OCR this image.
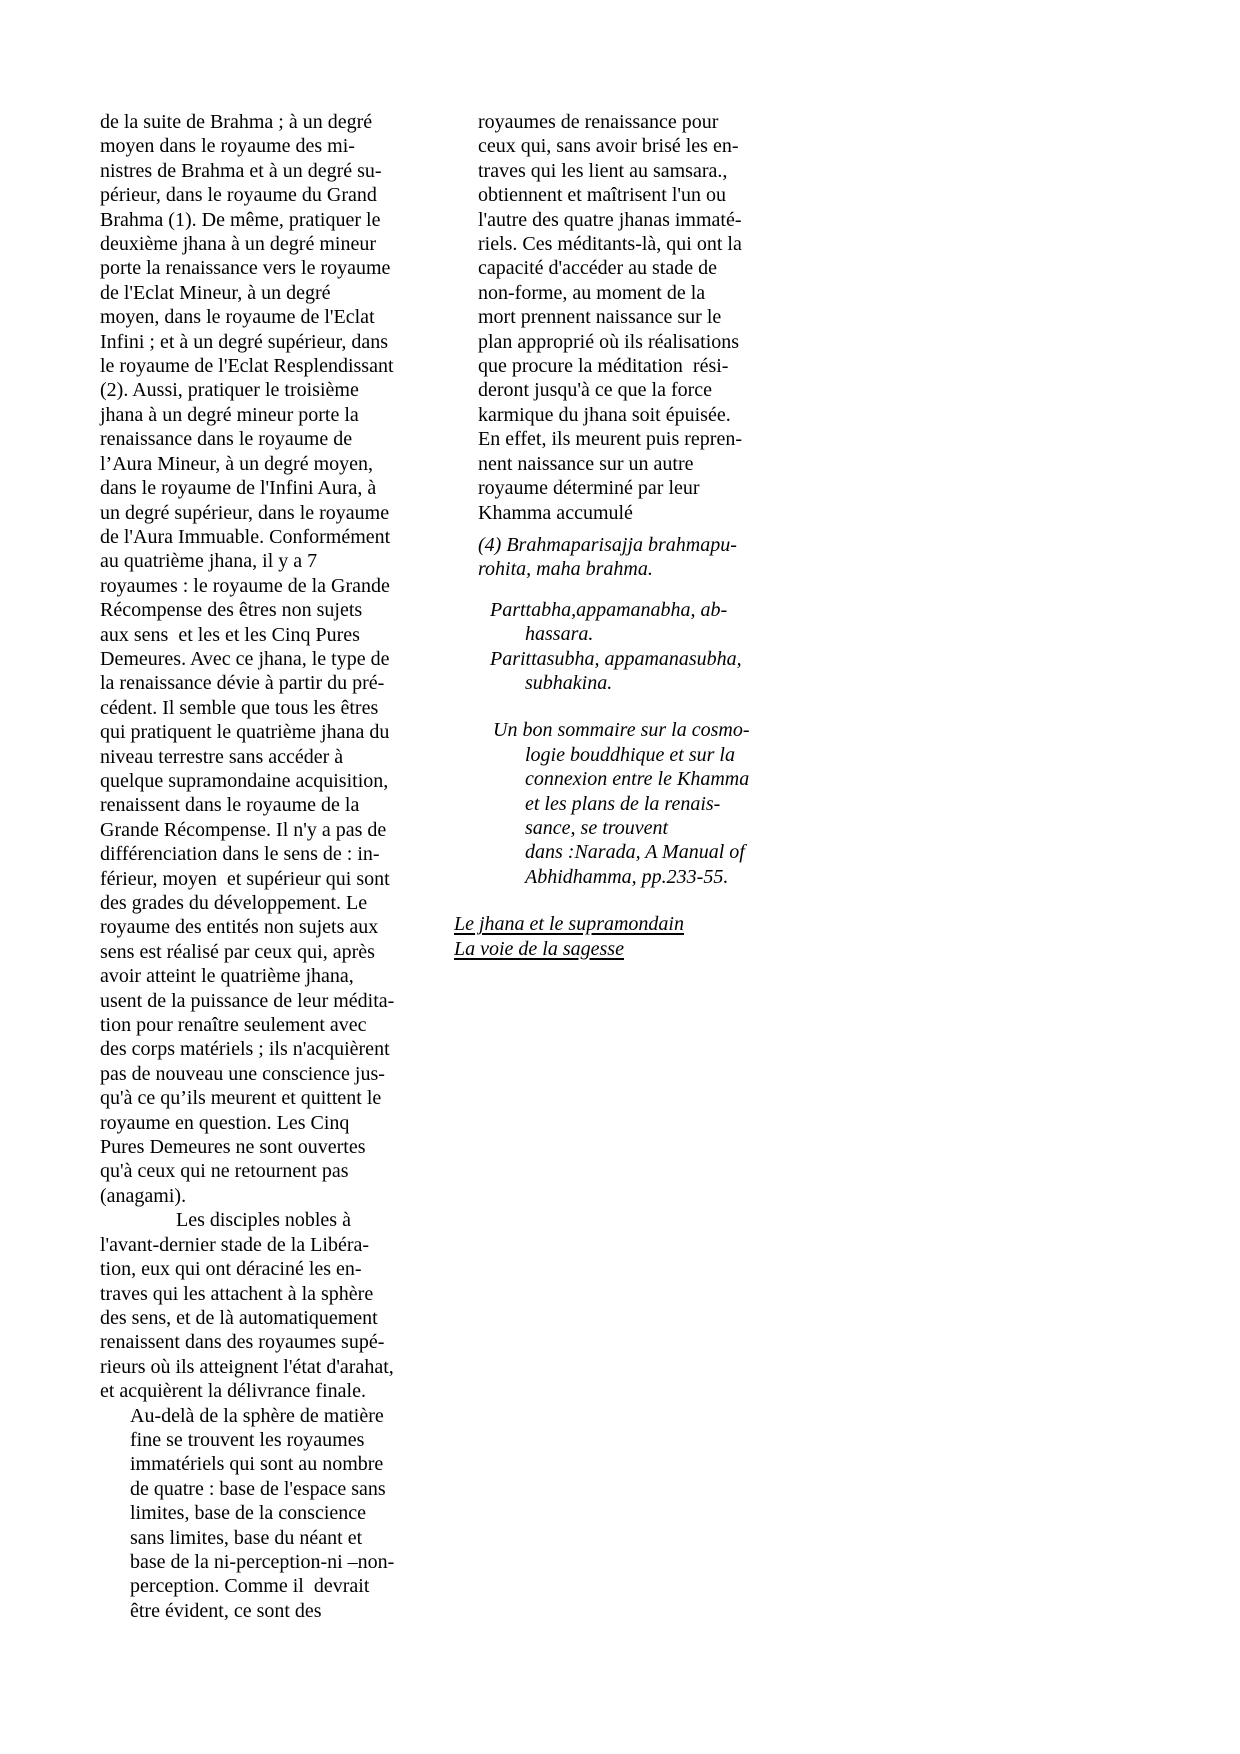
de la suite de Brahma ; à un degré
moyen dans le royaume des mi-
nistres de Brahma et à un degré su-
périeur, dans le royaume du Grand
Brahma (1). De même, pratiquer le
deuxième jhana à un degré mineur
porte la renaissance vers le royaume
de l'Eclat Mineur, à un degré
moyen, dans le royaume de l'Eclat
Infini ; et à un degré supérieur, dans
le royaume de l'Eclat Resplendissant
(2). Aussi, pratiquer le troisième
jhana à un degré mineur porte la
renaissance dans le royaume de
l’Aura Mineur, à un degré moyen,
dans le royaume de l'Infini Aura, à
un degré supérieur, dans le royaume
de l'Aura Immuable. Conformément
au quatrième jhana, il y a 7
royaumes : le royaume de la Grande
Récompense des êtres non sujets
aux sens  et les et les Cinq Pures
Demeures. Avec ce jhana, le type de
la renaissance dévie à partir du pré-
cédent. Il semble que tous les êtres
qui pratiquent le quatrième jhana du
niveau terrestre sans accéder à
quelque supramondaine acquisition,
renaissent dans le royaume de la
Grande Récompense. Il n'y a pas de
différenciation dans le sens de : in-
férieur, moyen  et supérieur qui sont
des grades du développement. Le
royaume des entités non sujets aux
sens est réalisé par ceux qui, après
avoir atteint le quatrième jhana,
usent de la puissance de leur médita-
tion pour renaître seulement avec
des corps matériels ; ils n'acquièrent
pas de nouveau une conscience jus-
qu'à ce qu’ils meurent et quittent le
royaume en question. Les Cinq
Pures Demeures ne sont ouvertes
qu'à ceux qui ne retournent pas
(anagami).
Les disciples nobles à
l'avant-dernier stade de la Libéra-
tion, eux qui ont déraciné les en-
traves qui les attachent à la sphère
des sens, et de là automatiquement
renaissent dans des royaumes supé-
rieurs où ils atteignent l'état d'arahat,
et acquièrent la délivrance finale.
Au-delà de la sphère de matière
fine se trouvent les royaumes
immatériels qui sont au nombre
de quatre : base de l'espace sans
limites, base de la conscience
sans limites, base du néant et
base de la ni-perception-ni –non-
perception. Comme il  devrait
être évident, ce sont des
royaumes de renaissance pour
ceux qui, sans avoir brisé les en-
traves qui les lient au samsara.,
obtiennent et maîtrisent l'un ou
l'autre des quatre jhanas immaté-
riels. Ces méditants-là, qui ont la
capacité d'accéder au stade de
non-forme, au moment de la
mort prennent naissance sur le
plan approprié où ils réalisations
que procure la méditation  rési-
deront jusqu'à ce que la force
karmique du jhana soit épuisée.
En effet, ils meurent puis repren-
nent naissance sur un autre
royaume déterminé par leur
Khamma accumulé
(4) Brahmaparisajja brahmapu-
rohita, maha brahma.
Parttabha,appamanabha, ab-
hassara.
Parittasubha, appamanasubha,
subhakina.
Un bon sommaire sur la cosmo-
logie bouddhique et sur la
connexion entre le Khamma
et les plans de la renais-
sance, se trouvent
dans :Narada, A Manual of
Abhidhamma, pp.233-55.
Le jhana et le supramondain
La voie de la sagesse
